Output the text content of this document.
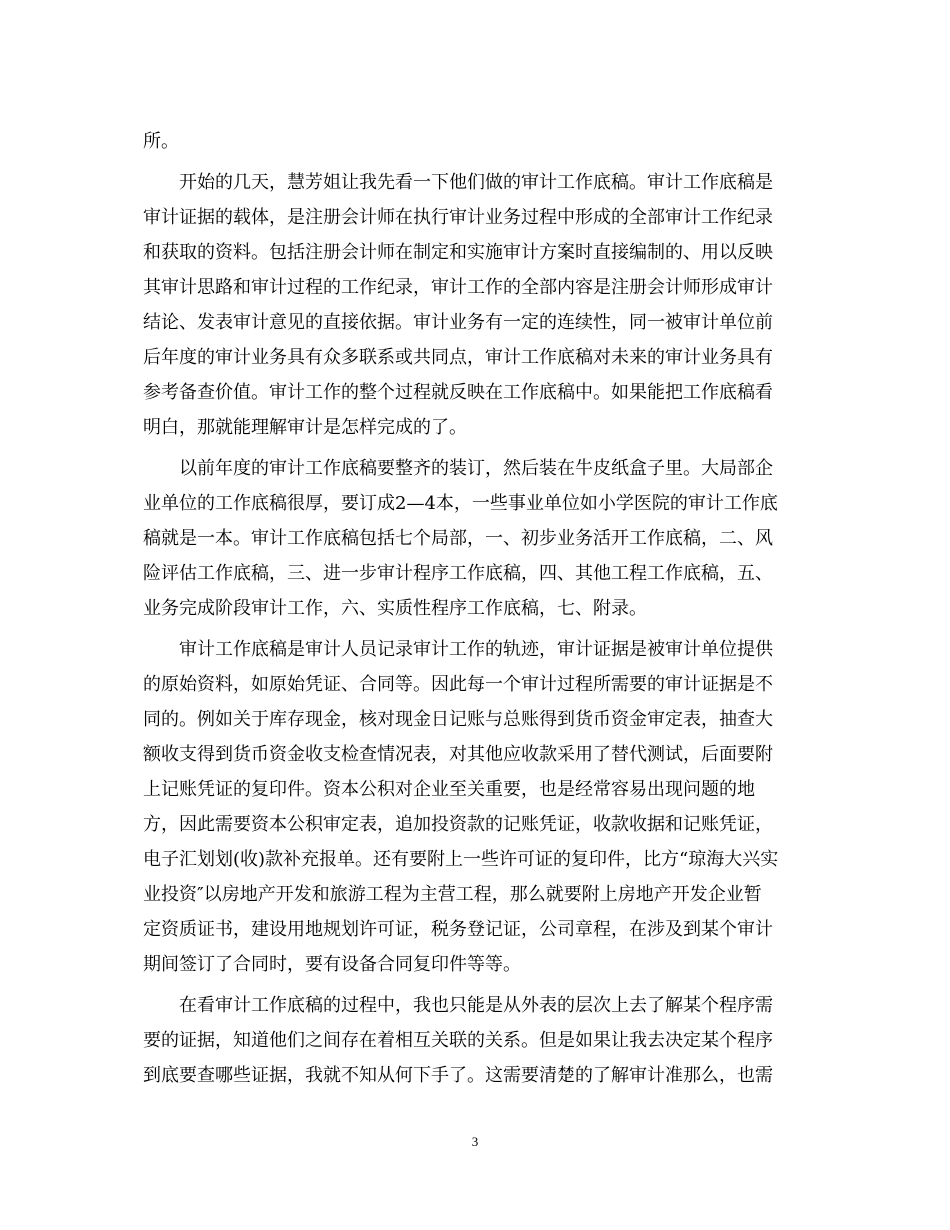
所。
　　开始的几天，慧芳姐让我先看一下他们做的审计工作底稿。审计工作底稿是
审计证据的载体，是注册会计师在执行审计业务过程中形成的全部审计工作纪录
和获取的资料。包括注册会计师在制定和实施审计方案时直接编制的、用以反映
其审计思路和审计过程的工作纪录，审计工作的全部内容是注册会计师形成审计
结论、发表审计意见的直接依据。审计业务有一定的连续性，同一被审计单位前
后年度的审计业务具有众多联系或共同点，审计工作底稿对未来的审计业务具有
参考备查价值。审计工作的整个过程就反映在工作底稿中。如果能把工作底稿看
明白，那就能理解审计是怎样完成的了。
　　以前年度的审计工作底稿要整齐的装订，然后装在牛皮纸盒子里。大局部企
业单位的工作底稿很厚，要订成2—4本，一些事业单位如小学医院的审计工作底
稿就是一本。审计工作底稿包括七个局部，一、初步业务活开工作底稿，二、风
险评估工作底稿，三、进一步审计程序工作底稿，四、其他工程工作底稿，五、
业务完成阶段审计工作，六、实质性程序工作底稿，七、附录。
　　审计工作底稿是审计人员记录审计工作的轨迹，审计证据是被审计单位提供
的原始资料，如原始凭证、合同等。因此每一个审计过程所需要的审计证据是不
同的。例如关于库存现金，核对现金日记账与总账得到货币资金审定表，抽查大
额收支得到货币资金收支检查情况表，对其他应收款采用了替代测试，后面要附
上记账凭证的复印件。资本公积对企业至关重要，也是经常容易出现问题的地
方，因此需要资本公积审定表，追加投资款的记账凭证，收款收据和记账凭证，
电子汇划划(收)款补充报单。还有要附上一些许可证的复印件，比方“琼海大兴实
业投资″以房地产开发和旅游工程为主营工程，那么就要附上房地产开发企业暂
定资质证书，建设用地规划许可证，税务登记证，公司章程，在涉及到某个审计
期间签订了合同时，要有设备合同复印件等等。
　　在看审计工作底稿的过程中，我也只能是从外表的层次上去了解某个程序需
要的证据，知道他们之间存在着相互关联的关系。但是如果让我去决定某个程序
到底要查哪些证据，我就不知从何下手了。这需要清楚的了解审计准那么，也需
3
